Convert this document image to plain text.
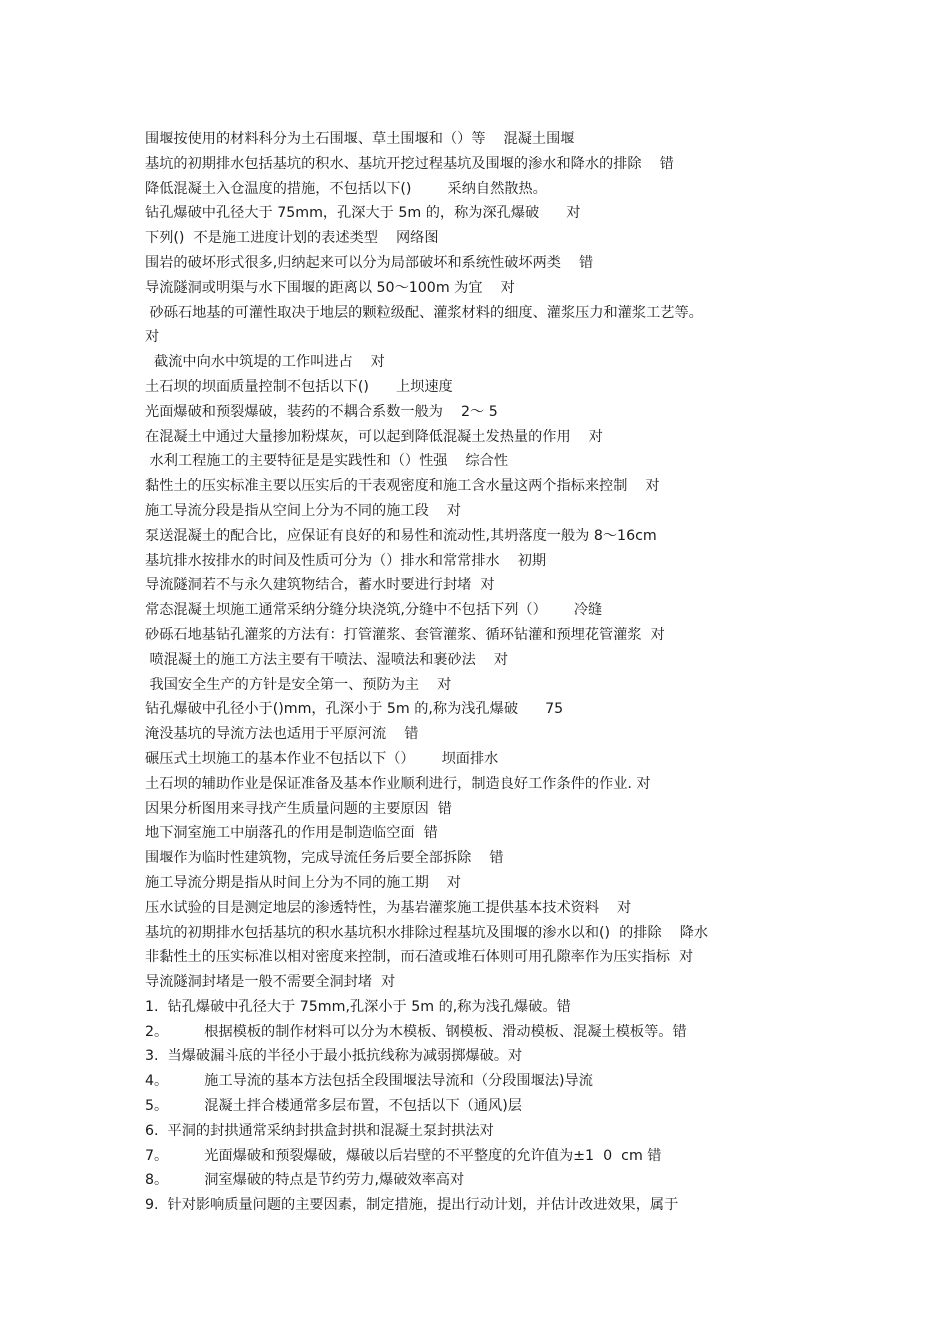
围堰按使用的材料科分为土石围堰、草土围堰和（）等    混凝土围堰
基坑的初期排水包括基坑的积水、基坑开挖过程基坑及围堰的渗水和降水的排除    错
降低混凝土入仓温度的措施，不包括以下()        采纳自然散热。
钻孔爆破中孔径大于 75mm，孔深大于 5m 的，称为深孔爆破      对
下列()  不是施工进度计划的表述类型    网络图
围岩的破坏形式很多,归纳起来可以分为局部破坏和系统性破坏两类    错
导流隧洞或明渠与水下围堰的距离以 50～100m 为宜    对
砂砾石地基的可灌性取决于地层的颗粒级配、灌浆材料的细度、灌浆压力和灌浆工艺等。
对
截流中向水中筑堤的工作叫进占    对
土石坝的坝面质量控制不包括以下()      上坝速度
光面爆破和预裂爆破，装药的不耦合系数一般为    2～ 5
在混凝土中通过大量掺加粉煤灰，可以起到降低混凝土发热量的作用    对
水利工程施工的主要特征是是实践性和（）性强    综合性
黏性土的压实标准主要以压实后的干表观密度和施工含水量这两个指标来控制    对
施工导流分段是指从空间上分为不同的施工段    对
泵送混凝土的配合比，应保证有良好的和易性和流动性,其坍落度一般为 8～16cm
基坑排水按排水的时间及性质可分为（）排水和常常排水    初期
导流隧洞若不与永久建筑物结合，蓄水时要进行封堵  对
常态混凝土坝施工通常采纳分缝分块浇筑,分缝中不包括下列（）      冷缝
砂砾石地基钻孔灌浆的方法有：打管灌浆、套管灌浆、循环钻灌和预埋花管灌浆  对
喷混凝土的施工方法主要有干喷法、湿喷法和裹砂法    对
我国安全生产的方针是安全第一、预防为主    对
钻孔爆破中孔径小于()mm，孔深小于 5m 的,称为浅孔爆破      75
淹没基坑的导流方法也适用于平原河流    错
碾压式土坝施工的基本作业不包括以下（）      坝面排水
土石坝的辅助作业是保证准备及基本作业顺利进行，制造良好工作条件的作业. 对
因果分析图用来寻找产生质量问题的主要原因  错
地下洞室施工中崩落孔的作用是制造临空面  错
围堰作为临时性建筑物，完成导流任务后要全部拆除    错
施工导流分期是指从时间上分为不同的施工期    对
压水试验的目是测定地层的渗透特性，为基岩灌浆施工提供基本技术资料    对
基坑的初期排水包括基坑的积水基坑积水排除过程基坑及围堰的渗水以和()  的排除    降水
非黏性土的压实标准以相对密度来控制，而石渣或堆石体则可用孔隙率作为压实指标  对
导流隧洞封堵是一般不需要全洞封堵  对
1.  钻孔爆破中孔径大于 75mm,孔深小于 5m 的,称为浅孔爆破。错
2。        根据模板的制作材料可以分为木模板、钢模板、滑动模板、混凝土模板等。错
3.  当爆破漏斗底的半径小于最小抵抗线称为减弱掷爆破。对
4。        施工导流的基本方法包括全段围堰法导流和（分段围堰法)导流
5。        混凝土拌合楼通常多层布置，不包括以下（通风)层
6.  平洞的封拱通常采纳封拱盒封拱和混凝土泵封拱法对
7。        光面爆破和预裂爆破，爆破以后岩壁的不平整度的允许值为±1  0  cm 错
8。        洞室爆破的特点是节约劳力,爆破效率高对
9.  针对影响质量问题的主要因素，制定措施，提出行动计划，并估计改进效果，属于
